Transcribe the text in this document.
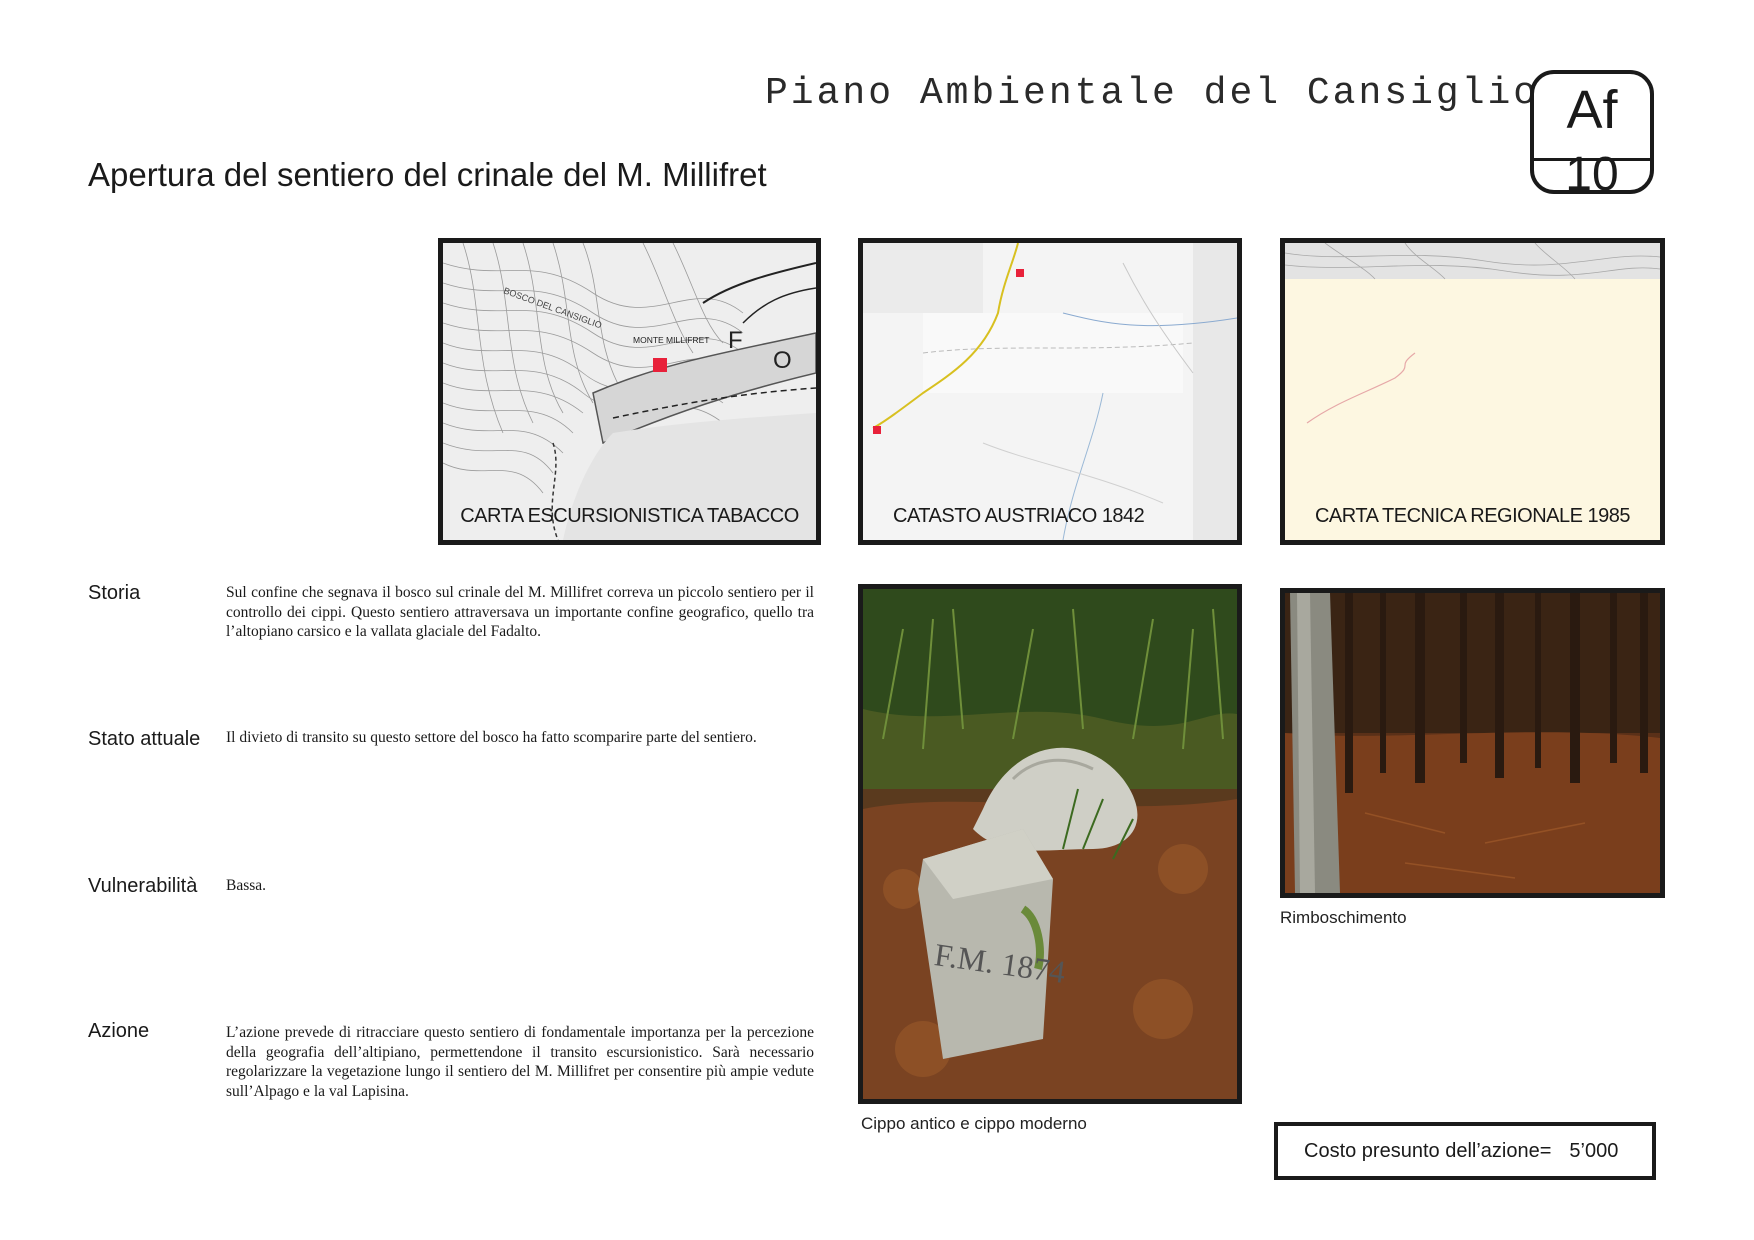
Piano Ambientale del Cansiglio Af
10
Apertura del sentiero del crinale del M. Millifret
F
O
BOSCO DEL CANSIGLIO
MONTE MILLIFRET
CARTA ESCURSIONISTICA TABACCO	CATASTO AUSTRIACO 1842	CARTA TECNICA REGIONALE 1985
F.M. 1874
Cippo antico e cippo moderno
Rimboschimento
Storia	Sul confine che segnava il bosco sul crinale del M. Millifret correva un piccolo sentiero per il controllo dei cippi. Questo sentiero attraversava un importante confine geografico, quello tra l’altopiano carsico e la vallata glaciale del Fadalto.
Stato attuale Il divieto di transito su questo settore del bosco ha fatto scomparire parte del sentiero.
Vulnerabilità Bassa.
Azione	L’azione prevede di ritracciare questo sentiero di fondamentale importanza per la percezione della geografia dell’altipiano, permettendone il transito escursionistico. Sarà necessario regolarizzare la vegetazione lungo il sentiero del M. Millifret per consentire più ampie vedute sull’Alpago e la val Lapisina.
Costo presunto dell’azione= 5’000
